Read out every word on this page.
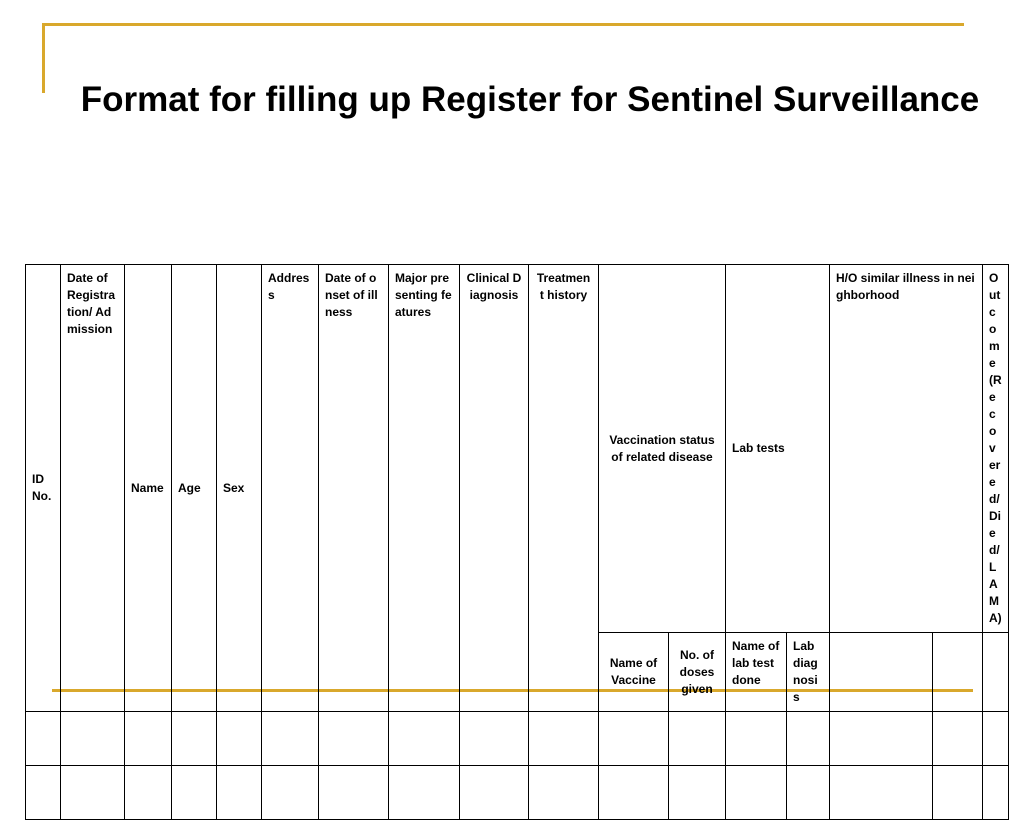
Format for filling up Register for Sentinel Surveillance
ID No.	Date of Registration/ Admission	Name	Age	Sex	Address	Date of onset of illness	Major presenting features	Clinical Diagnosis	Treatment history	Vaccination status of related disease		Lab tests		H/O similar illness in neighborhood		Outcome (Recovered/Died/ LAMA)
										Name of Vaccine	No. of doses given	Name of lab test done	Lab diagnosis			
